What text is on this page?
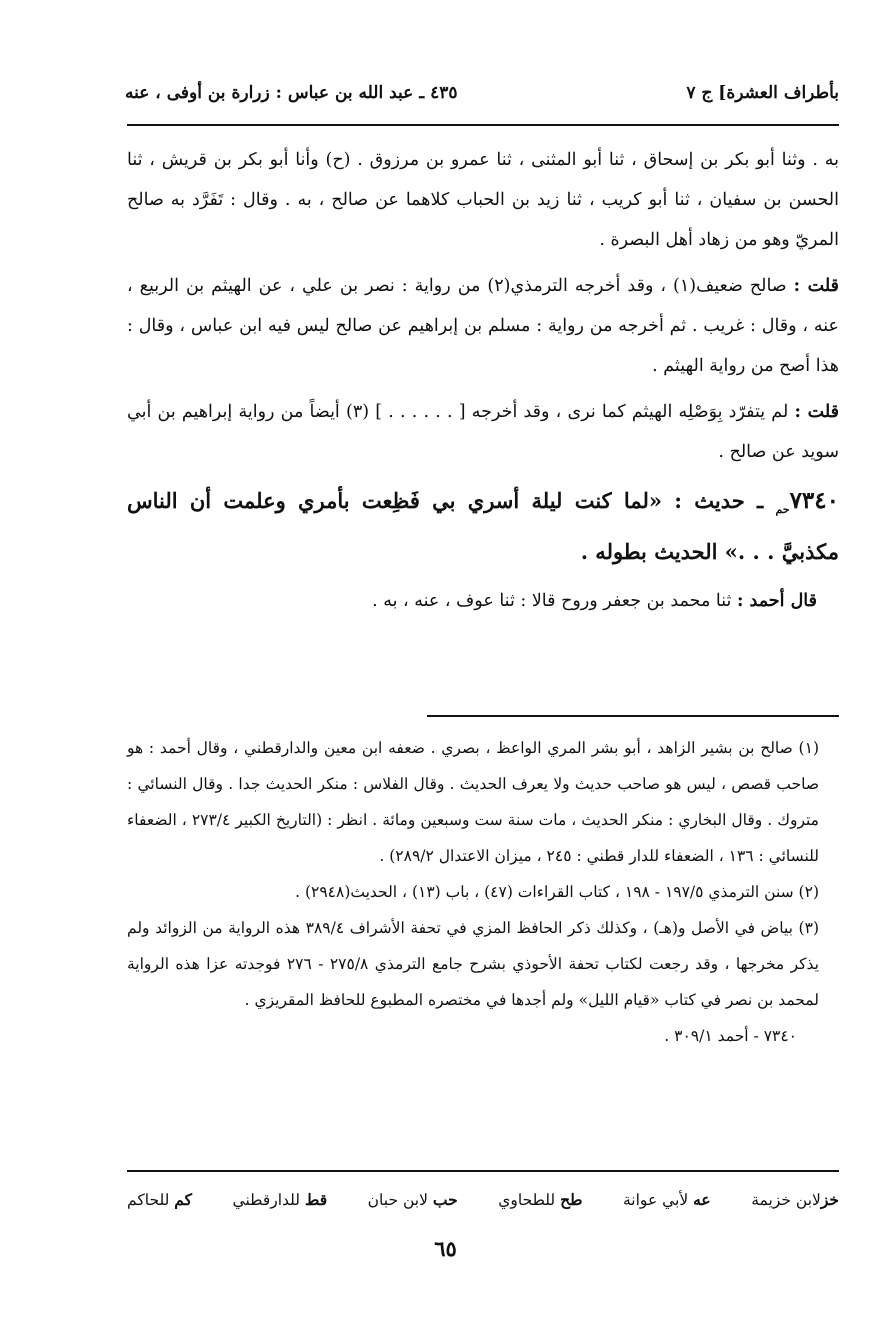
بأطراف العشرة] ج ٧
٤٣٥ ـ عبد الله بن عباس : زرارة بن أوفى ، عنه

به . وثنا أبو بكر بن إسحاق ، ثنا أبو المثنى ، ثنا عمرو بن مرزوق . (ح) وأنا أبو بكر بن قريش ، ثنا الحسن بن سفيان ، ثنا أبو كريب ، ثنا زيد بن الحباب كلاهما عن صالح ، به . وقال : تَفَرَّد به صالح المريّ وهو من زهاد أهل البصرة .

قلت : صالح ضعيف(١) ، وقد أخرجه الترمذي(٢) من رواية : نصر بن علي ، عن الهيثم بن الربيع ، عنه ، وقال : غريب . ثم أخرجه من رواية : مسلم بن إبراهيم عن صالح ليس فيه ابن عباس ، وقال : هذا أصح من رواية الهيثم .

قلت : لم يتفرّد بِوَصْلِه الهيثم كما نرى ، وقد أخرجه [ . . . . . . ] (٣) أيضاً من رواية إبراهيم بن أبي سويد عن صالح .

$٧٣٤٠_{حم}$ ـ حديث : «لما كنت ليلة أسري بي فَظِعت بأمري وعلمت أن الناس مكذبيَّ . . .» الحديث بطوله .

قال أحمد : ثنا محمد بن جعفر وروح قالا : ثنا عوف ، عنه ، به .

(١) صالح بن بشير الزاهد ، أبو بشر المري الواعظ ، بصري . ضعفه ابن معين والدارقطني ، وقال أحمد : هو صاحب قصص ، ليس هو صاحب حديث ولا يعرف الحديث . وقال الفلاس : منكر الحديث جدا . وقال النسائي : متروك . وقال البخاري : منكر الحديث ، مات سنة ست وسبعين ومائة . انظر : (التاريخ الكبير ٢٧٣/٤ ، الضعفاء للنسائي : ١٣٦ ، الضعفاء للدار قطني : ٢٤٥ ، ميزان الاعتدال ٢٨٩/٢) .

(٢) سنن الترمذي ١٩٧/٥ - ١٩٨ ، كتاب القراءات (٤٧) ، باب (١٣) ، الحديث(٢٩٤٨) .

(٣) بياض في الأصل و(هـ) ، وكذلك ذكر الحافظ المزي في تحفة الأشراف ٣٨٩/٤ هذه الرواية من الزوائد ولم يذكر مخرجها ، وقد رجعت لكتاب تحفة الأحوذي بشرح جامع الترمذي ٢٧٥/٨ - ٢٧٦ فوجدته عزا هذه الرواية لمحمد بن نصر في كتاب «قيام الليل» ولم أجدها في مختصره المطبوع للحافظ المقريزي .

٧٣٤٠ - أحمد ٣٠٩/١ .

خزلابن خزيمة
عه لأبي عوانة
طح للطحاوي
حب لابن حبان
قط للدارقطني
كم للحاكم
٦٥
